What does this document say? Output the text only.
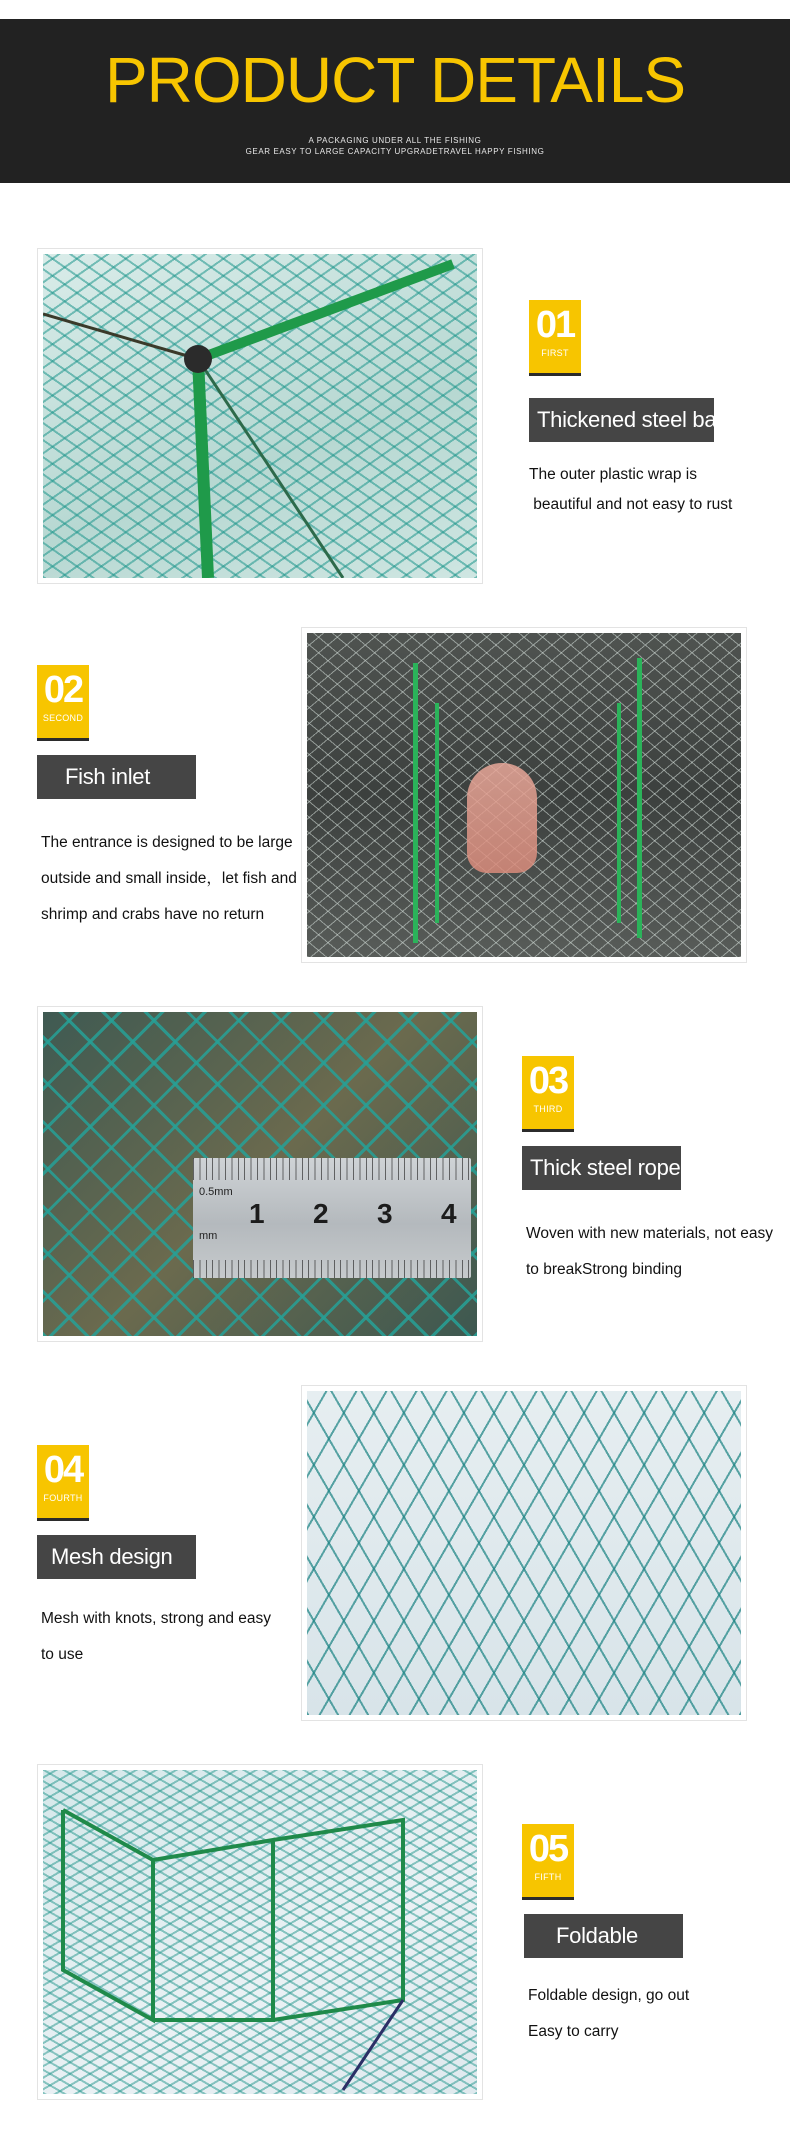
PRODUCT DETAILS
A PACKAGING UNDER ALL THE FISHING
GEAR EASY TO LARGE CAPACITY UPGRADETRAVEL HAPPY FISHING
01
FIRST
Thickened steel bar
The outer plastic wrap is
beautiful and not easy to rust
02
SECOND
Fish inlet
The entrance is designed to be large
outside and small inside，let fish and
shrimp and crabs have no return
0.5mm
mm
1 2 3 4
03
THIRD
Thick steel rope
Woven with new materials, not easy
to breakStrong binding
04
FOURTH
Mesh design
Mesh with knots, strong and easy
to use
05
FIFTH
Foldable
Foldable design, go out
Easy to carry
